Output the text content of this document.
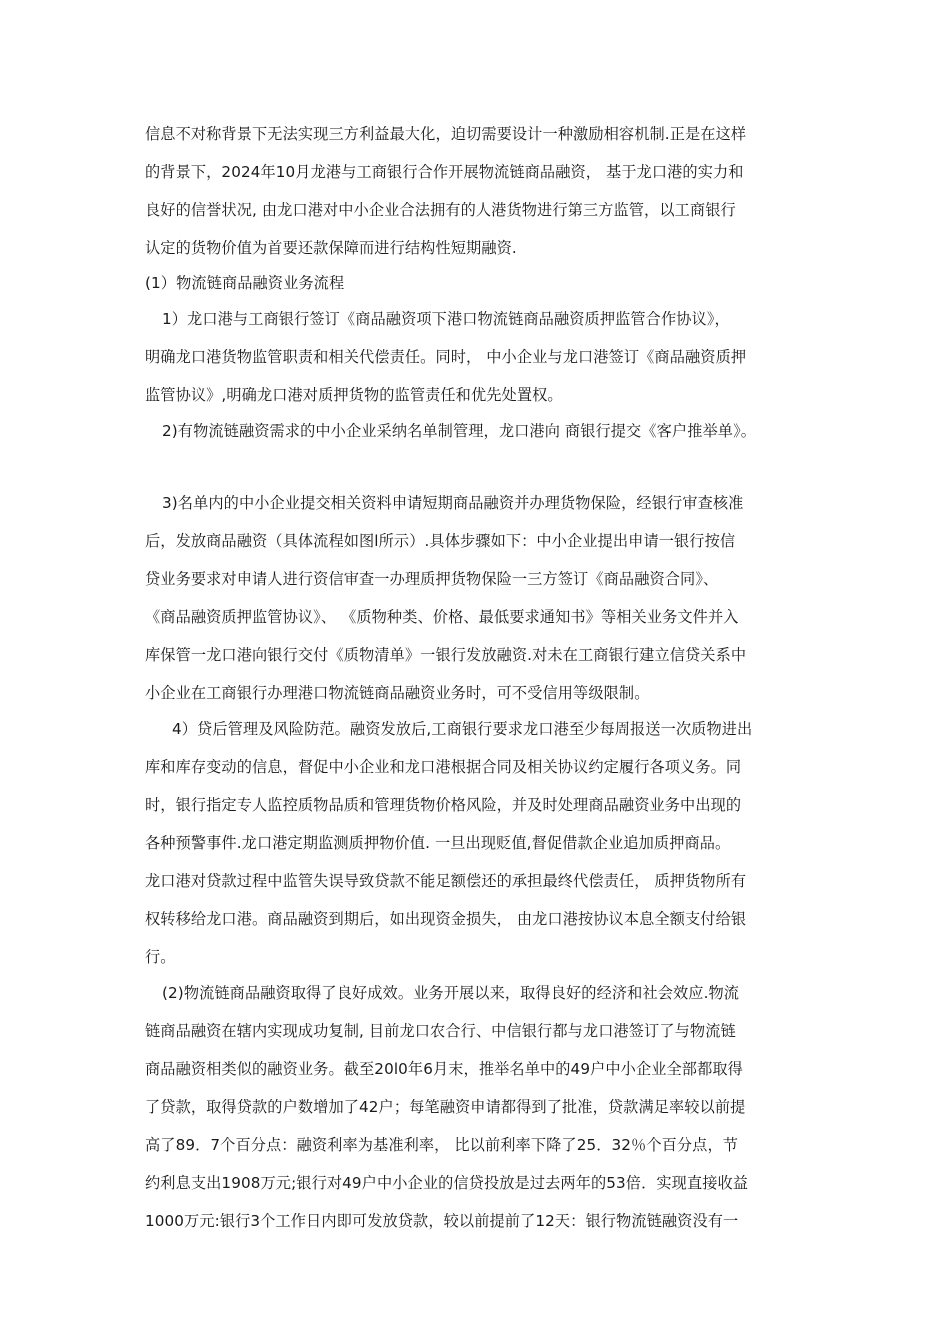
信息不对称背景下无法实现三方利益最大化，迫切需要设计一种激励相容机制.正是在这样
的背景下，2024年10月龙港与工商银行合作开展物流链商品融资， 基于龙口港的实力和
良好的信誉状况, 由龙口港对中小企业合法拥有的人港货物进行第三方监管，以工商银行
认定的货物价值为首要还款保障而进行结构性短期融资.
(1）物流链商品融资业务流程
1）龙口港与工商银行签订《商品融资项下港口物流链商品融资质押监管合作协议》，
明确龙口港货物监管职责和相关代偿责任。同时， 中小企业与龙口港签订《商品融资质押
监管协议》,明确龙口港对质押货物的监管责任和优先处置权。
2)有物流链融资需求的中小企业采纳名单制管理，龙口港向 商银行提交《客户推举单》。
3)名单内的中小企业提交相关资料申请短期商品融资并办理货物保险，经银行审查核准
后，发放商品融资（具体流程如图l所示）.具体步骤如下：中小企业提出申请一银行按信
贷业务要求对申请人进行资信审查一办理质押货物保险一三方签订《商品融资合同》、
《商品融资质押监管协议》、 《质物种类、价格、最低要求通知书》等相关业务文件并入
库保管一龙口港向银行交付《质物清单》一银行发放融资.对未在工商银行建立信贷关系中
小企业在工商银行办理港口物流链商品融资业务时，可不受信用等级限制。
4）贷后管理及风险防范。融资发放后,工商银行要求龙口港至少每周报送一次质物进出
库和库存变动的信息，督促中小企业和龙口港根据合同及相关协议约定履行各项义务。同
时，银行指定专人监控质物品质和管理货物价格风险，并及时处理商品融资业务中出现的
各种预警事件.龙口港定期监测质押物价值. 一旦出现贬值,督促借款企业追加质押商品。
龙口港对贷款过程中监管失误导致贷款不能足额偿还的承担最终代偿责任， 质押货物所有
权转移给龙口港。商品融资到期后，如出现资金损失， 由龙口港按协议本息全额支付给银
行。
(2)物流链商品融资取得了良好成效。业务开展以来，取得良好的经济和社会效应.物流
链商品融资在辖内实现成功复制, 目前龙口农合行、中信银行都与龙口港签订了与物流链
商品融资相类似的融资业务。截至20l0年6月末，推举名单中的49户中小企业全部都取得
了贷款，取得贷款的户数增加了42户；每笔融资申请都得到了批准，贷款满足率较以前提
高了89．7个百分点：融资利率为基准利率， 比以前利率下降了25．32％个百分点，节
约利息支出1908万元;银行对49户中小企业的信贷投放是过去两年的53倍．实现直接收益
1000万元:银行3个工作日内即可发放贷款，较以前提前了12天：银行物流链融资没有一
